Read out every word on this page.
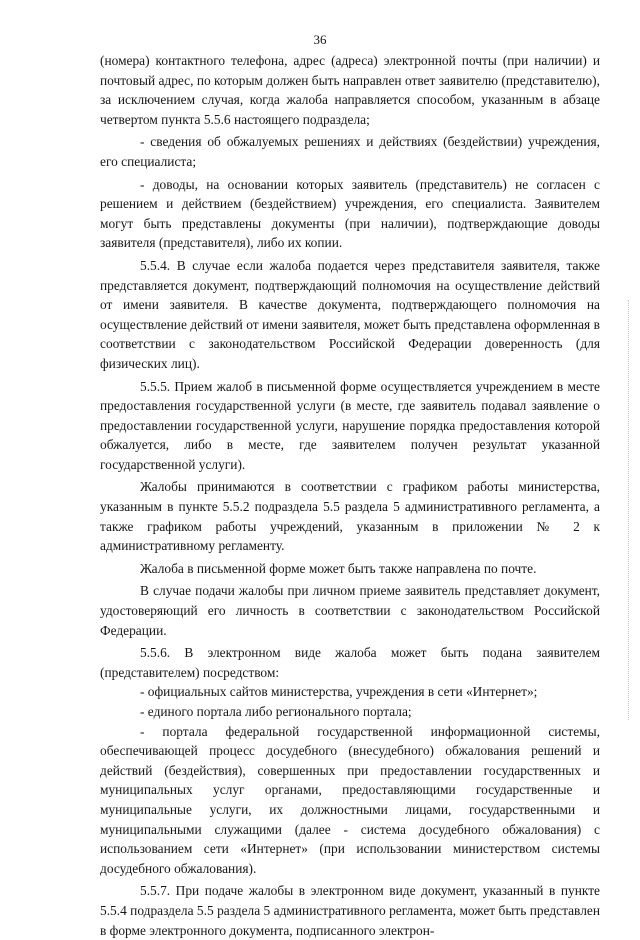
36

(номера) контактного телефона, адрес (адреса) электронной почты (при наличии) и почтовый адрес, по которым должен быть направлен ответ заявителю (представителю), за исключением случая, когда жалоба направляется способом, указанным в абзаце четвертом пункта 5.5.6 настоящего подраздела;

- сведения об обжалуемых решениях и действиях (бездействии) учреждения, его специалиста;

- доводы, на основании которых заявитель (представитель) не согласен с решением и действием (бездействием) учреждения, его специалиста. Заявителем могут быть представлены документы (при наличии), подтверждающие доводы заявителя (представителя), либо их копии.

5.5.4. В случае если жалоба подается через представителя заявителя, также представляется документ, подтверждающий полномочия на осуществление действий от имени заявителя. В качестве документа, подтверждающего полномочия на осуществление действий от имени заявителя, может быть представлена оформленная в соответствии с законодательством Российской Федерации доверенность (для физических лиц).

5.5.5. Прием жалоб в письменной форме осуществляется учреждением в месте предоставления государственной услуги (в месте, где заявитель подавал заявление о предоставлении государственной услуги, нарушение порядка предоставления которой обжалуется, либо в месте, где заявителем получен результат указанной государственной услуги).

Жалобы принимаются в соответствии с графиком работы министерства, указанным в пункте 5.5.2 подраздела 5.5 раздела 5 административного регламента, а также графиком работы учреждений, указанным в приложении № 2 к административному регламенту.

Жалоба в письменной форме может быть также направлена по почте.

В случае подачи жалобы при личном приеме заявитель представляет документ, удостоверяющий его личность в соответствии с законодательством Российской Федерации.

5.5.6. В электронном виде жалоба может быть подана заявителем (представителем) посредством:

- официальных сайтов министерства, учреждения в сети «Интернет»;

- единого портала либо регионального портала;

- портала федеральной государственной информационной системы, обеспечивающей процесс досудебного (внесудебного) обжалования решений и действий (бездействия), совершенных при предоставлении государственных и муниципальных услуг органами, предоставляющими государственные и муниципальные услуги, их должностными лицами, государственными и муниципальными служащими (далее - система досудебного обжалования) с использованием сети «Интернет» (при использовании министерством системы досудебного обжалования).

5.5.7. При подаче жалобы в электронном виде документ, указанный в пункте 5.5.4 подраздела 5.5 раздела 5 административного регламента, может быть представлен в форме электронного документа, подписанного электрон-
